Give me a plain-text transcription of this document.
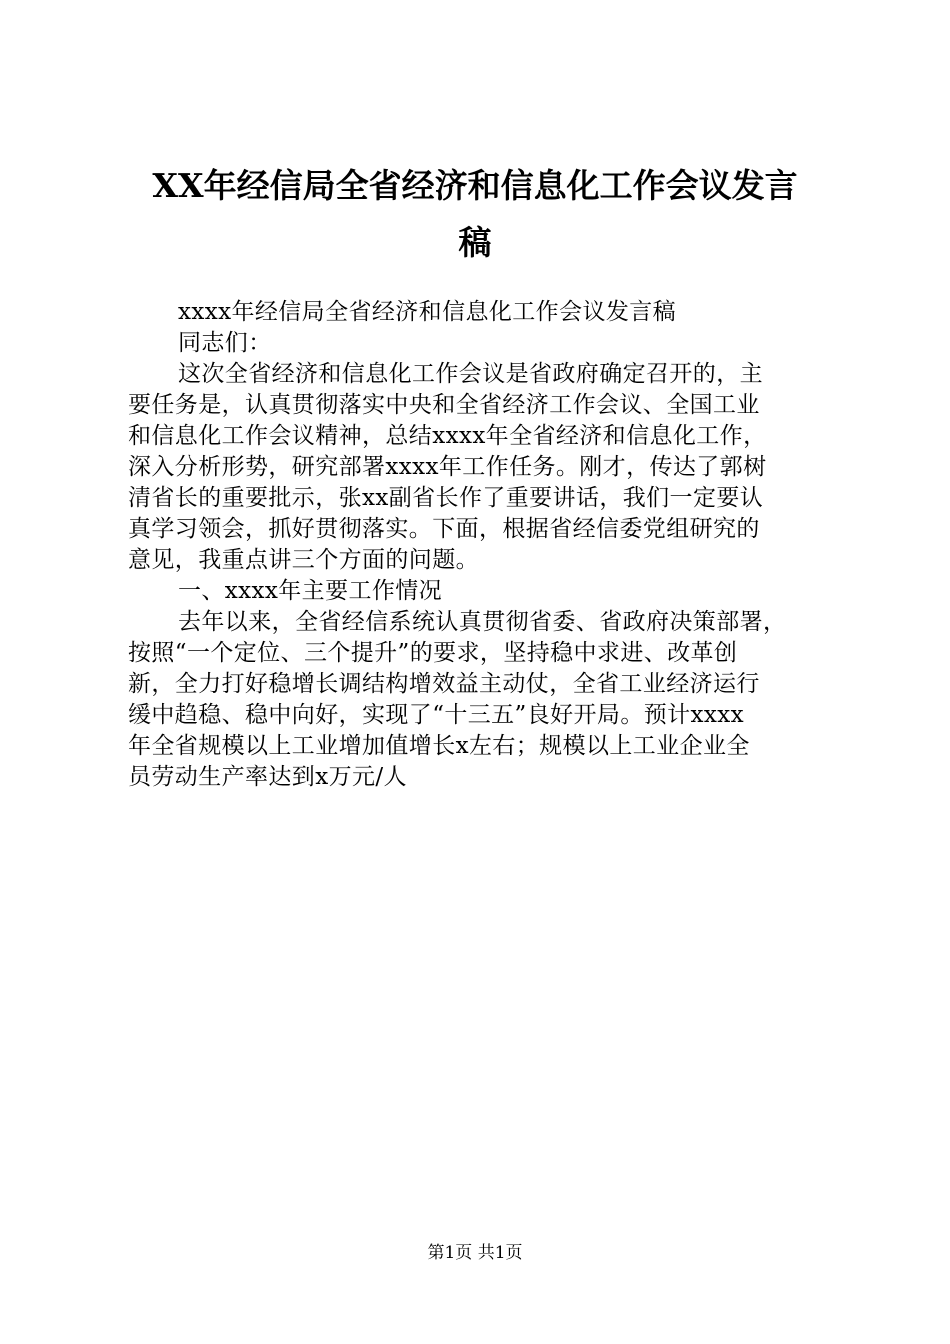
XX年经信局全省经济和信息化工作会议发言
稿
xxxx年经信局全省经济和信息化工作会议发言稿
同志们：
这次全省经济和信息化工作会议是省政府确定召开的，主
要任务是，认真贯彻落实中央和全省经济工作会议、全国工业
和信息化工作会议精神，总结xxxx年全省经济和信息化工作，
深入分析形势，研究部署xxxx年工作任务。刚才，传达了郭树
清省长的重要批示，张xx副省长作了重要讲话，我们一定要认
真学习领会，抓好贯彻落实。下面，根据省经信委党组研究的
意见，我重点讲三个方面的问题。
一、xxxx年主要工作情况
去年以来，全省经信系统认真贯彻省委、省政府决策部署，
按照“一个定位、三个提升”的要求，坚持稳中求进、改革创
新，全力打好稳增长调结构增效益主动仗，全省工业经济运行
缓中趋稳、稳中向好，实现了“十三五”良好开局。预计xxxx
年全省规模以上工业增加值增长x左右；规模以上工业企业全
员劳动生产率达到x万元/人
第1页 共1页
